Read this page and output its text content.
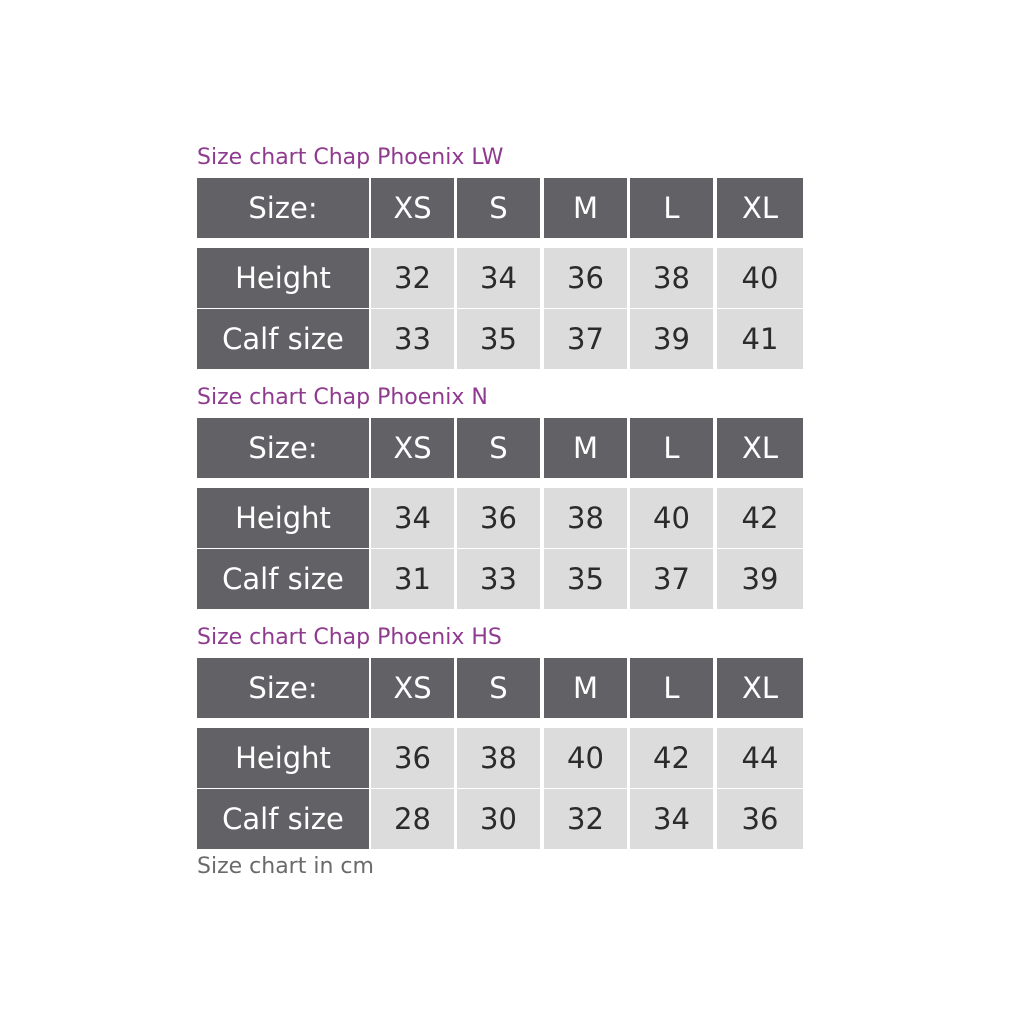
Size chart Chap Phoenix LW
Size:	XS	S	M	L	XL
Height	32	34	36	38	40
Calf size	33	35	37	39	41
Size chart Chap Phoenix N
Size:	XS	S	M	L	XL
Height	34	36	38	40	42
Calf size	31	33	35	37	39
Size chart Chap Phoenix HS
Size:	XS	S	M	L	XL
Height	36	38	40	42	44
Calf size	28	30	32	34	36
Size chart in cm
